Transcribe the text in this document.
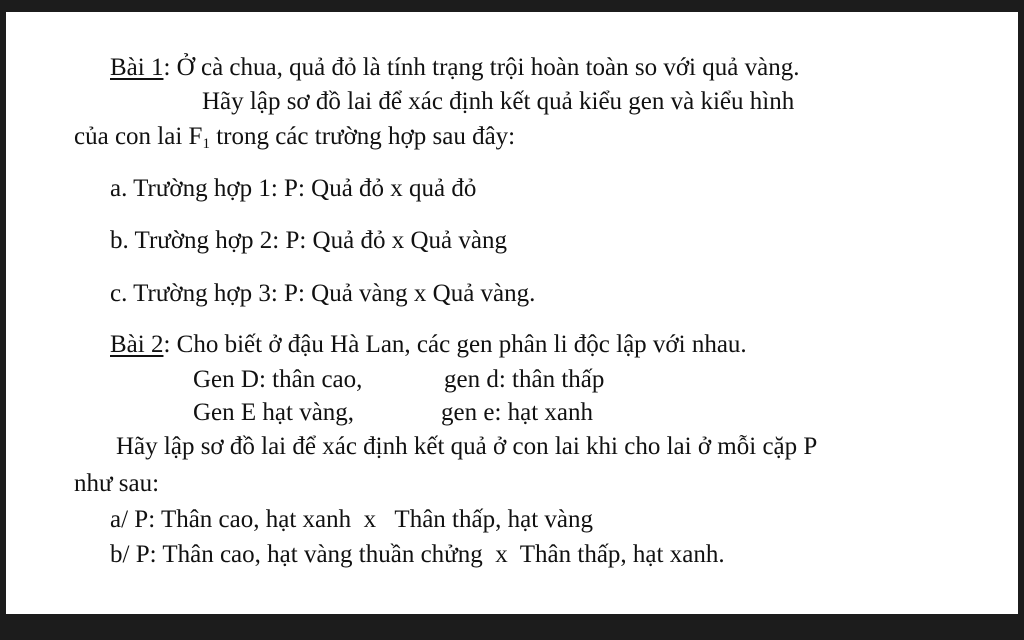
Bài 1: Ở cà chua, quả đỏ là tính trạng trội hoàn toàn so với quả vàng.
Hãy lập sơ đồ lai để xác định kết quả kiểu gen và kiểu hình
của con lai $F_1$ trong các trường hợp sau đây:
a. Trường hợp 1: P: Quả đỏ x quả đỏ
b. Trường hợp 2: P: Quả đỏ x Quả vàng
c. Trường hợp 3: P: Quả vàng x Quả vàng.
Bài 2: Cho biết ở đậu Hà Lan, các gen phân li độc lập với nhau.
Gen D: thân cao,	gen d: thân thấp
Gen E hạt vàng,	gen e: hạt xanh
Hãy lập sơ đồ lai để xác định kết quả ở con lai khi cho lai ở mỗi cặp P
như sau:
a/ P: Thân cao, hạt xanh  x   Thân thấp, hạt vàng
b/ P: Thân cao, hạt vàng thuần chửng  x  Thân thấp, hạt xanh.
